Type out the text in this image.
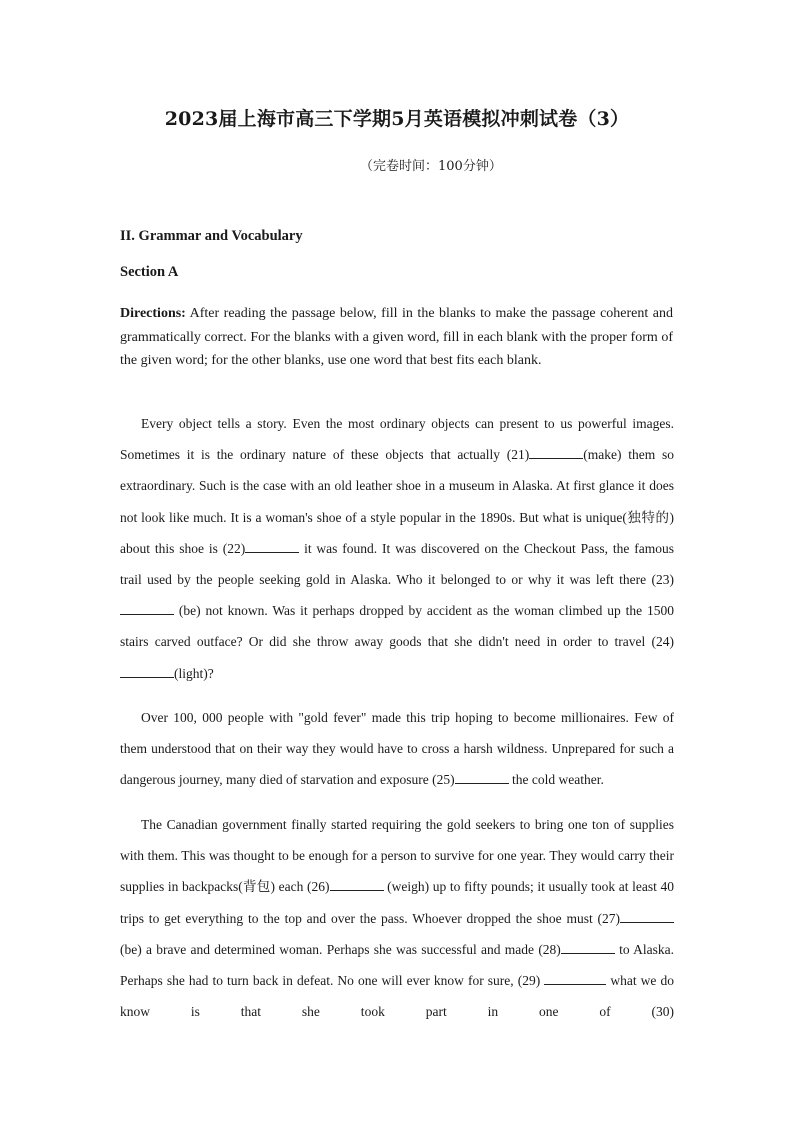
2023届上海市高三下学期5月英语模拟冲刺试卷（3）
（完卷时间：100分钟）
II. Grammar and Vocabulary
Section A
Directions: After reading the passage below, fill in the blanks to make the passage coherent and grammatically correct. For the blanks with a given word, fill in each blank with the proper form of the given word; for the other blanks, use one word that best fits each blank.

Every object tells a story. Even the most ordinary objects can present to us powerful images. Sometimes it is the ordinary nature of these objects that actually (21)	(make) them so extraordinary. Such is the case with an old leather shoe in a museum in Alaska. At first glance it does not look like much. It is a woman's shoe of a style popular in the 1890s. But what is unique(独特的) about this shoe is (22)	it was found. It was discovered on the Checkout Pass, the famous trail used by the people seeking gold in Alaska. Who it belonged to or why it was left there (23) (be) not known. Was it perhaps dropped by accident as the woman climbed up the 1500 stairs carved outface? Or did she throw away goods that she didn't need in order to travel (24)(light)?

Over 100, 000 people with "gold fever" made this trip hoping to become millionaires. Few of them understood that on their way they would have to cross a harsh wildness. Unprepared for such a dangerous journey, many died of starvation and exposure (25)	the cold weather.

The Canadian government finally started requiring the gold seekers to bring one ton of supplies with them. This was thought to be enough for a person to survive for one year. They would carry their supplies in backpacks(背包) each (26)	(weigh) up to fifty pounds; it usually took at least 40 trips to get everything to the top and over the pass. Whoever dropped the shoe must (27) (be) a brave and determined woman. Perhaps she was successful and made (28)	to Alaska. Perhaps she had to turn back in defeat. No one will ever know for sure, (29)	what we do know is that she took part in one of (30)
